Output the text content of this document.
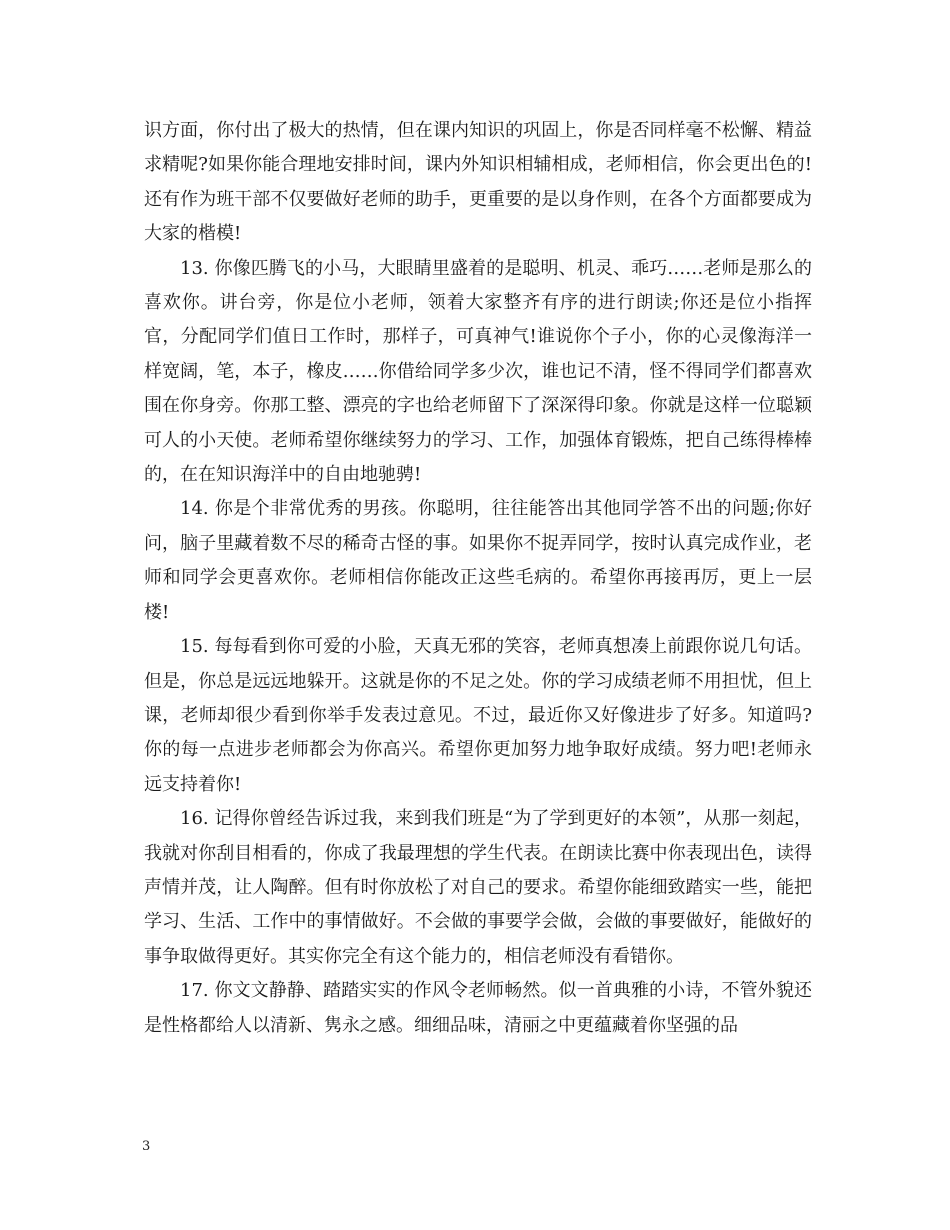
识方面，你付出了极大的热情，但在课内知识的巩固上，你是否同样毫不松懈、精益求精呢?如果你能合理地安排时间，课内外知识相辅相成，老师相信，你会更出色的!还有作为班干部不仅要做好老师的助手，更重要的是以身作则，在各个方面都要成为大家的楷模!

13. 你像匹腾飞的小马，大眼睛里盛着的是聪明、机灵、乖巧……老师是那么的喜欢你。讲台旁，你是位小老师，领着大家整齐有序的进行朗读;你还是位小指挥官，分配同学们值日工作时，那样子，可真神气!谁说你个子小，你的心灵像海洋一样宽阔，笔，本子，橡皮……你借给同学多少次，谁也记不清，怪不得同学们都喜欢围在你身旁。你那工整、漂亮的字也给老师留下了深深得印象。你就是这样一位聪颖可人的小天使。老师希望你继续努力的学习、工作，加强体育锻炼，把自己练得棒棒的，在在知识海洋中的自由地驰骋!

14. 你是个非常优秀的男孩。你聪明，往往能答出其他同学答不出的问题;你好问，脑子里藏着数不尽的稀奇古怪的事。如果你不捉弄同学，按时认真完成作业，老师和同学会更喜欢你。老师相信你能改正这些毛病的。希望你再接再厉，更上一层楼!

15. 每每看到你可爱的小脸，天真无邪的笑容，老师真想凑上前跟你说几句话。但是，你总是远远地躲开。这就是你的不足之处。你的学习成绩老师不用担忧，但上课，老师却很少看到你举手发表过意见。不过，最近你又好像进步了好多。知道吗?你的每一点进步老师都会为你高兴。希望你更加努力地争取好成绩。努力吧!老师永远支持着你!

16. 记得你曾经告诉过我，来到我们班是“为了学到更好的本领”，从那一刻起，我就对你刮目相看的，你成了我最理想的学生代表。在朗读比赛中你表现出色，读得声情并茂，让人陶醉。但有时你放松了对自己的要求。希望你能细致踏实一些，能把学习、生活、工作中的事情做好。不会做的事要学会做，会做的事要做好，能做好的事争取做得更好。其实你完全有这个能力的，相信老师没有看错你。

17. 你文文静静、踏踏实实的作风令老师畅然。似一首典雅的小诗，不管外貌还是性格都给人以清新、隽永之感。细细品味，清丽之中更蕴藏着你坚强的品

3
